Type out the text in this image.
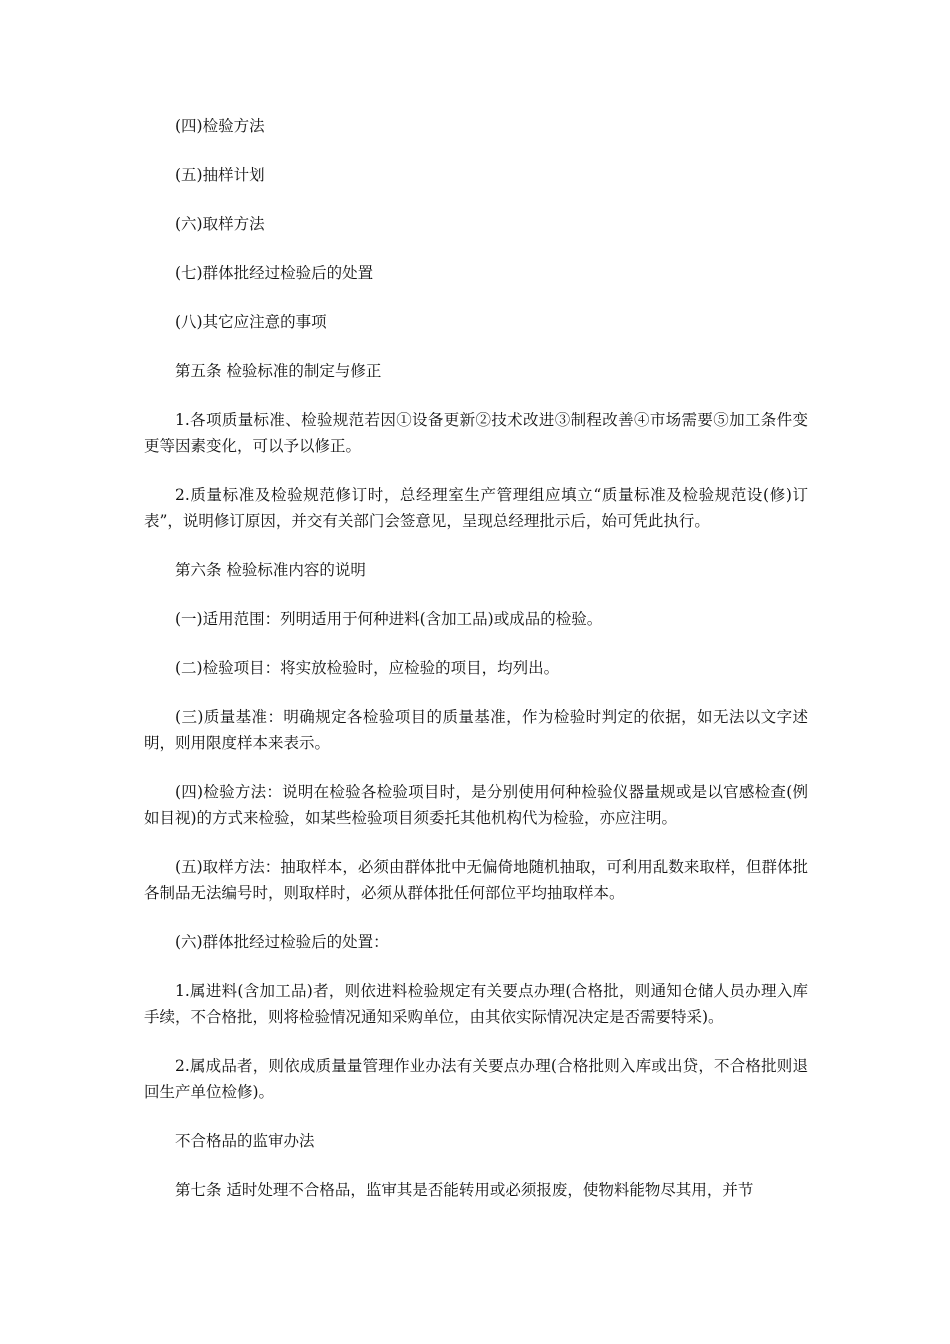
(四)检验方法

(五)抽样计划

(六)取样方法

(七)群体批经过检验后的处置

(八)其它应注意的事项

第五条 检验标准的制定与修正

1.各项质量标准、检验规范若因①设备更新②技术改进③制程改善④市场需要⑤加工条件变更等因素变化，可以予以修正。

2.质量标准及检验规范修订时，总经理室生产管理组应填立“质量标准及检验规范设(修)订表”，说明修订原因，并交有关部门会签意见，呈现总经理批示后，始可凭此执行。

第六条 检验标准内容的说明

(一)适用范围：列明适用于何种进料(含加工品)或成品的检验。

(二)检验项目：将实放检验时，应检验的项目，均列出。

(三)质量基准：明确规定各检验项目的质量基准，作为检验时判定的依据，如无法以文字述明，则用限度样本来表示。

(四)检验方法：说明在检验各检验项目时，是分别使用何种检验仪器量规或是以官感检查(例如目视)的方式来检验，如某些检验项目须委托其他机构代为检验，亦应注明。

(五)取样方法：抽取样本，必须由群体批中无偏倚地随机抽取，可利用乱数来取样，但群体批各制品无法编号时，则取样时，必须从群体批任何部位平均抽取样本。

(六)群体批经过检验后的处置：

1.属进料(含加工品)者，则依进料检验规定有关要点办理(合格批，则通知仓储人员办理入库手续，不合格批，则将检验情况通知采购单位，由其依实际情况决定是否需要特采)。

2.属成品者，则依成质量量管理作业办法有关要点办理(合格批则入库或出贷，不合格批则退回生产单位检修)。

不合格品的监审办法

第七条 适时处理不合格品，监审其是否能转用或必须报废，使物料能物尽其用，并节
